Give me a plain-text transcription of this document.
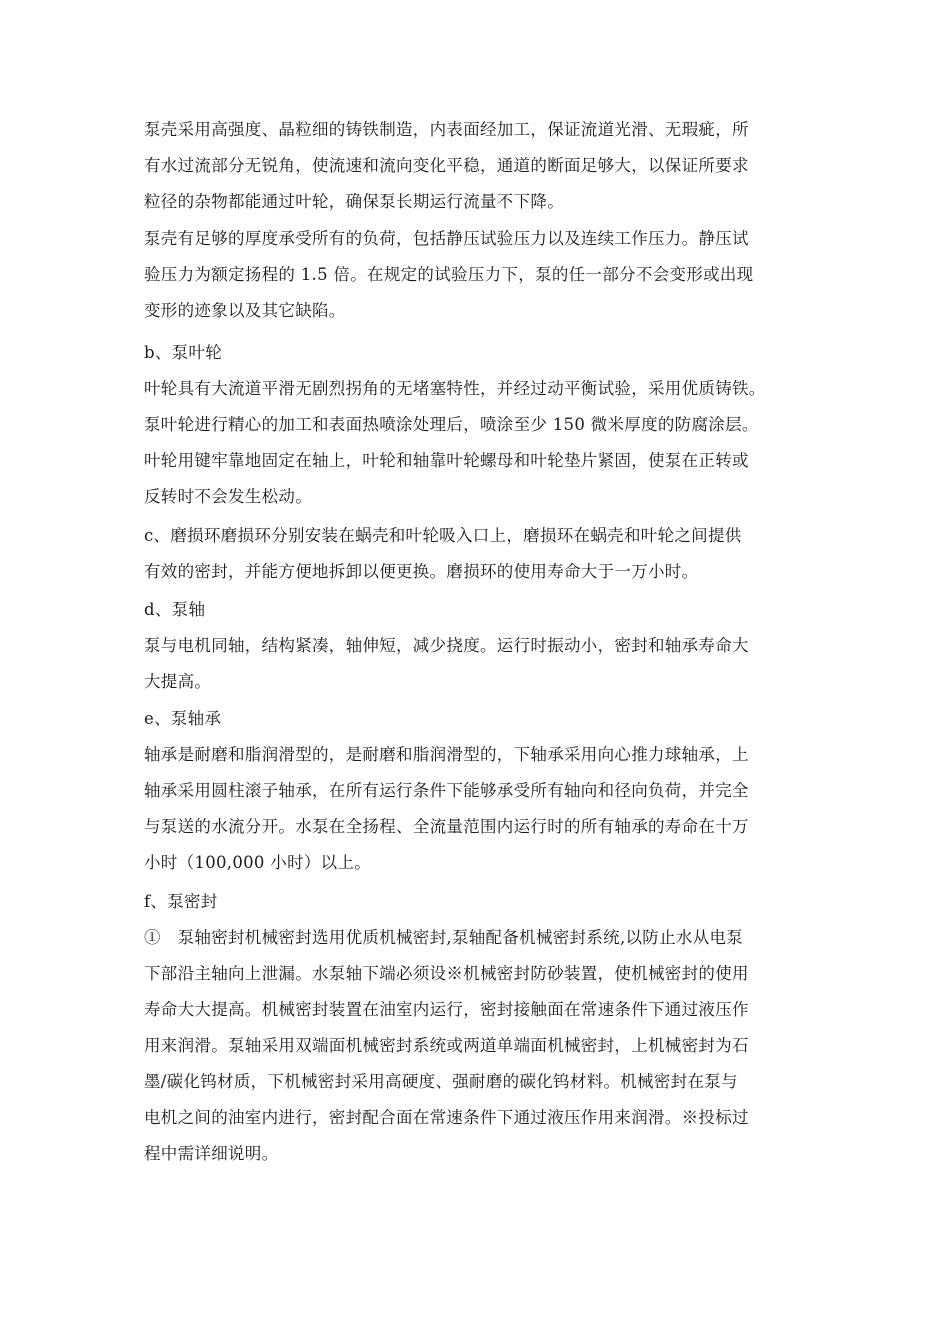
泵壳采用高强度、晶粒细的铸铁制造，内表面经加工，保证流道光滑、无瑕疵，所
有水过流部分无锐角，使流速和流向变化平稳，通道的断面足够大，以保证所要求
粒径的杂物都能通过叶轮，确保泵长期运行流量不下降。
泵壳有足够的厚度承受所有的负荷，包括静压试验压力以及连续工作压力。静压试
验压力为额定扬程的 1.5 倍。在规定的试验压力下，泵的任一部分不会变形或出现
变形的迹象以及其它缺陷。
b、泵叶轮
叶轮具有大流道平滑无剧烈拐角的无堵塞特性，并经过动平衡试验，采用优质铸铁。
泵叶轮进行精心的加工和表面热喷涂处理后，喷涂至少 150 微米厚度的防腐涂层。
叶轮用键牢靠地固定在轴上，叶轮和轴靠叶轮螺母和叶轮垫片紧固，使泵在正转或
反转时不会发生松动。
c、磨损环磨损环分别安装在蜗壳和叶轮吸入口上，磨损环在蜗壳和叶轮之间提供
有效的密封，并能方便地拆卸以便更换。磨损环的使用寿命大于一万小时。
d、泵轴
泵与电机同轴，结构紧凑，轴伸短，减少挠度。运行时振动小，密封和轴承寿命大
大提高。
e、泵轴承
轴承是耐磨和脂润滑型的，是耐磨和脂润滑型的，下轴承采用向心推力球轴承，上
轴承采用圆柱滚子轴承，在所有运行条件下能够承受所有轴向和径向负荷，并完全
与泵送的水流分开。水泵在全扬程、全流量范围内运行时的所有轴承的寿命在十万
小时（100,000 小时）以上。
f、泵密封
①　泵轴密封机械密封选用优质机械密封,泵轴配备机械密封系统,以防止水从电泵
下部沿主轴向上泄漏。水泵轴下端必须设※机械密封防砂装置，使机械密封的使用
寿命大大提高。机械密封装置在油室内运行，密封接触面在常速条件下通过液压作
用来润滑。泵轴采用双端面机械密封系统或两道单端面机械密封，上机械密封为石
墨/碳化钨材质，下机械密封采用高硬度、强耐磨的碳化钨材料。机械密封在泵与
电机之间的油室内进行，密封配合面在常速条件下通过液压作用来润滑。※投标过
程中需详细说明。
